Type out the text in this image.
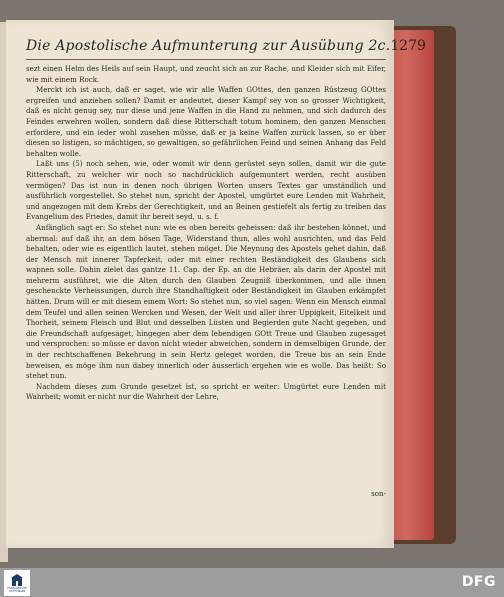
Die Apostolische Aufmunterung zur Ausübung 2c. 1279

sezt einen Helm des Heils auf sein Haupt, und zeucht sich an zur Rache, und Kleider sich mit Eifer, wie mit einem Rock.

Merckt ich ist auch, daß er saget, wie wir alle Waffen GOttes, den ganzen Rüstzeug GOttes ergreifen und anziehen sollen? Damit er andeutet, dieser Kampf sey von so grosser Wichtigkeit, daß es nicht genug sey, nur diese und jene Waffen in die Hand zu nehmen, und sich dadurch des Feindes erwehren wollen, sondern daß diese Ritterschaft totum hominem, den ganzen Menschen erfordere, und ein ieder wohl zusehen müsse, daß er ja keine Waffen zurück lassen, so er über diesen so listigen, so mächtigen, so gewaltigen, so gefährlichen Feind und seinen Anhang das Feld behalten wolle.

Laßt uns (5) noch sehen, wie, oder womit wir denn gerüstet seyn sollen, damit wir die gute Ritterschaft, zu welcher wir noch so nachdrücklich aufgemuntert werden, recht ausüben vermögen? Das ist nun in denen noch übrigen Worten unsers Textes gar umständlich und ausführlich vorgestellet. So stehet nun, spricht der Apostel, umgürtet eure Lenden mit Wahrheit, und angezogen mit dem Krebs der Gerechtigkeit, und an Beinen gestiefelt als fertig zu treiben das Evangelium des Friedes, damit ihr bereit seyd, u. s. f.

Anfänglich sagt er: So stehet nun: wie es oben bereits geheissen: daß ihr bestehen könnet, und abermal: auf daß ihr, an dem bösen Tage, Widerstand thun, alles wohl ausrichten, und das Feld behalten, oder wie es eigentlich lautet, stehen möget. Die Meynung des Apostels gehet dahin, daß der Mensch mit innerer Tapferkeit, oder mit einer rechten Beständigkeit des Glaubens sich wapnen solle. Dahin zielet das gantze 11. Cap. der Ep. an die Hebräer, als darin der Apostel mit mehrerm ausführet, wie die Alten durch den Glauben Zeugniß überkommen, und alle ihnen geschenckte Verheissungen, durch ihre Standhaftigkeit oder Beständigkeit im Glauben erkämpfet hätten. Drum will er mit diesem einem Wort: So stehet nun, so viel sagen: Wenn ein Mensch einmal dem Teufel und allen seinen Wercken und Wesen, der Welt und aller ihrer Uppigkeit, Eitelkeit und Thorheit, seinem Fleisch und Blut und desselben Lüsten und Begierden gute Nacht gegeben, und die Freundschaft aufgesaget, hingegen aber dem lebendigen GOtt Treue und Glauben zugesaget und versprochen: so müsse er davon nicht wieder abweichen, sondern in demselbigen Grunde, der in der rechtschaffenen Bekehrung in sein Hertz geleget worden, die Treue bis an sein Ende beweisen, es möge ihm nun dabey innerlich oder äusserlich ergehen wie es wolle. Das heißt: So stehet nun.

Nachdem dieses zum Grunde gesetzet ist, so spricht er weiter: Umgürtet eure Lenden mit Wahrheit; womit er nicht nur die Wahrheit der Lehre,

son-
FRANCKESCHE STIFTUNGEN
DFG
